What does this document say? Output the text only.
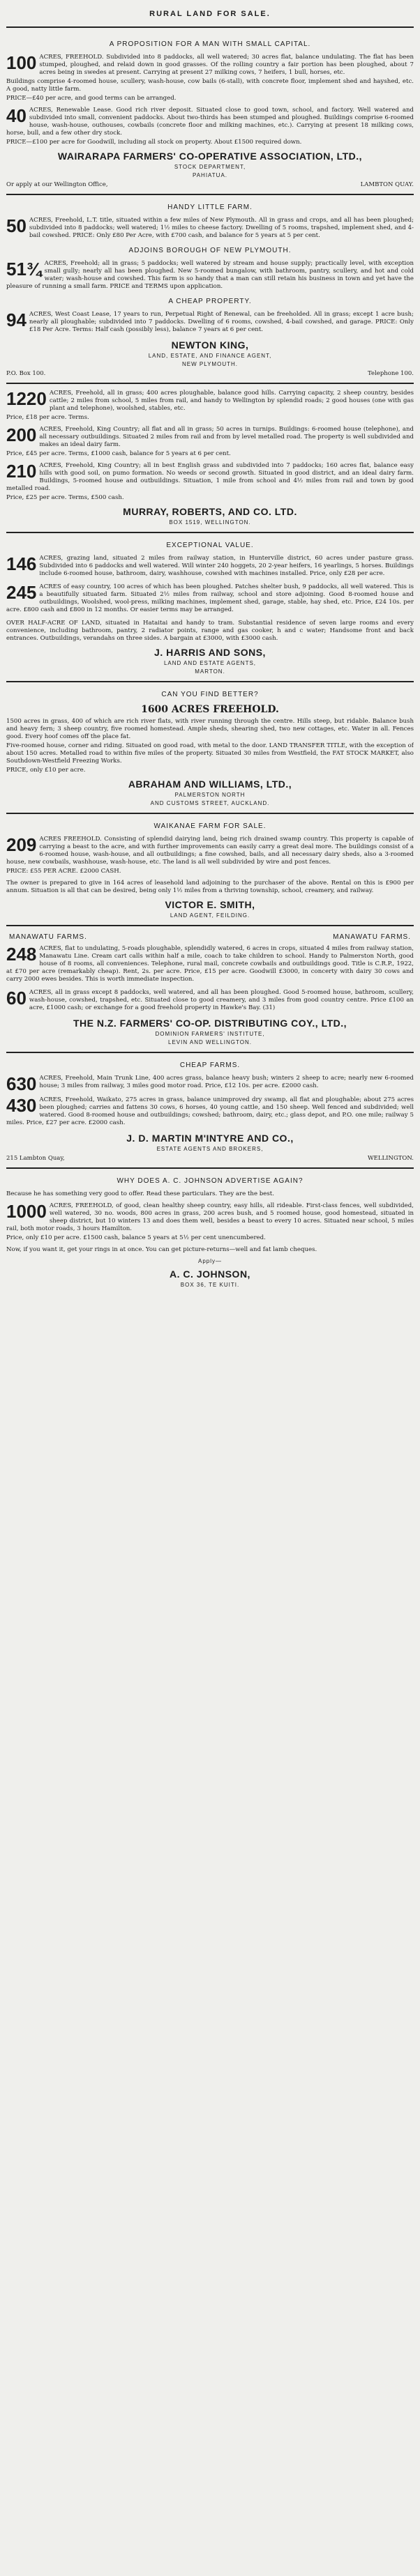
RURAL LAND FOR SALE.
A PROPOSITION FOR A MAN WITH SMALL CAPITAL.
100 ACRES, FREEHOLD. Subdivided into 8 paddocks, all well watered; 30 acres flat, balance undulating. The flat has been stumped, ploughed, and relaid down in good grasses. Of the rolling country a fair portion has been ploughed, about 7 acres being in swedes at present. Carrying at present 27 milking cows, 7 heifers, 1 bull, horses, etc.

Buildings comprise 4-roomed house, scullery, wash-house, cow bails (6-stall), with concrete floor, implement shed and hayshed, etc. A good, natty little farm.

PRICE—£40 per acre, and good terms can be arranged.

40 ACRES, Renewable Lease. Good rich river deposit. Situated close to good town, school, and factory. Well watered and subdivided into small, convenient paddocks. About two-thirds has been stumped and ploughed. Buildings comprise 6-roomed house, wash-house, outhouses, cowbails (concrete floor and milking machines, etc.). Carrying at present 18 milking cows, horse, bull, and a few other dry stock.

PRICE—£100 per acre for Goodwill, including all stock on property. About £1500 required down.

WAIRARAPA FARMERS' CO-OPERATIVE ASSOCIATION, LTD.,
STOCK DEPARTMENT,
PAHIATUA.
Or apply at our Wellington Office,	LAMBTON QUAY.
HANDY LITTLE FARM.
50 ACRES, Freehold, L.T. title, situated within a few miles of New Plymouth. All in grass and crops, and all has been ploughed; subdivided into 8 paddocks; well watered; 1½ miles to cheese factory. Dwelling of 5 rooms, trapshed, implement shed, and 4-bail cowshed. PRICE: Only £80 Per Acre, with £700 cash, and balance for 5 years at 5 per cent.

ADJOINS BOROUGH OF NEW PLYMOUTH.
51¾ ACRES, Freehold; all in grass; 5 paddocks; well watered by stream and house supply; practically level, with exception small gully; nearly all has been ploughed. New 5-roomed bungalow, with bathroom, pantry, scullery, and hot and cold water; wash-house and cowshed. This farm is so handy that a man can still retain his business in town and yet have the pleasure of running a small farm. PRICE and TERMS upon application.

A CHEAP PROPERTY.
94 ACRES, West Coast Lease, 17 years to run, Perpetual Right of Renewal, can be freeholded. All in grass; except 1 acre bush; nearly all ploughable; subdivided into 7 paddocks. Dwelling of 6 rooms, cowshed, 4-bail cowshed, and garage. PRICE: Only £18 Per Acre. Terms: Half cash (possibly less), balance 7 years at 6 per cent.

NEWTON KING,
LAND, ESTATE, AND FINANCE AGENT,
NEW PLYMOUTH.
P.O. Box 100.	Telephone 100.
1220 ACRES, Freehold, all in grass; 400 acres ploughable, balance good hills. Carrying capacity, 2 sheep country, besides cattle; 2 miles from school, 5 miles from rail, and handy to Wellington by splendid roads; 2 good houses (one with gas plant and telephone), woolshed, stables, etc.

Price, £18 per acre. Terms.

200 ACRES, Freehold, King Country; all flat and all in grass; 50 acres in turnips. Buildings: 6-roomed house (telephone), and all necessary outbuildings. Situated 2 miles from rail and from by level metalled road. The property is well subdivided and makes an ideal dairy farm.

Price, £45 per acre. Terms, £1000 cash, balance for 5 years at 6 per cent.

210 ACRES, Freehold, King Country; all in best English grass and subdivided into 7 paddocks; 160 acres flat, balance easy hills with good soil, on pumo formation. No weeds or second growth. Situated in good district, and an ideal dairy farm. Buildings, 5-roomed house and outbuildings. Situation, 1 mile from school and 4½ miles from rail and town by good metalled road.

Price, £25 per acre. Terms, £500 cash.

MURRAY, ROBERTS, AND CO. LTD.
BOX 1519, WELLINGTON.
EXCEPTIONAL VALUE.
146 ACRES, grazing land, situated 2 miles from railway station, in Hunterville district, 60 acres under pasture grass. Subdivided into 6 paddocks and well watered. Will winter 240 hoggets, 20 2-year heifers, 16 yearlings, 5 horses. Buildings include 6-roomed house, bathroom, dairy, washhouse, cowshed with machines installed. Price, only £28 per acre.

245 ACRES of easy country, 100 acres of which has been ploughed. Patches shelter bush, 9 paddocks, all well watered. This is a beautifully situated farm. Situated 2½ miles from railway, school and store adjoining. Good 8-roomed house and outbuildings, Woolshed, wool-press, milking machines, implement shed, garage, stable, hay shed, etc. Price, £24 10s. per acre. £800 cash and £800 in 12 months. Or easier terms may be arranged.

OVER HALF-ACRE OF LAND, situated in Hataitai and handy to tram. Substantial residence of seven large rooms and every convenience, including bathroom, pantry, 2 radiator points, range and gas cooker, h and c water; Handsome front and back entrances. Outbuildings, verandahs on three sides. A bargain at £3000, with £3000 cash.

J. HARRIS AND SONS,
LAND AND ESTATE AGENTS,
MARTON.
CAN YOU FIND BETTER?
1600 ACRES FREEHOLD.

1500 acres in grass, 400 of which are rich river flats, with river running through the centre. Hills steep, but ridable. Balance bush and heavy fern; 3 sheep country, five roomed homestead. Ample sheds, shearing shed, two new cottages, etc. Water in all. Fences good. Every hoof comes off the place fat.

Five-roomed house, corner and riding. Situated on good road, with metal to the door. LAND TRANSFER TITLE, with the exception of about 150 acres. Metalled road to within five miles of the property. Situated 30 miles from Westfield, the FAT STOCK MARKET, also Southdown-Westfield Freezing Works.

PRICE, only £10 per acre.

ABRAHAM AND WILLIAMS, LTD.,
PALMERSTON NORTH
AND CUSTOMS STREET, AUCKLAND.
WAIKANAE FARM FOR SALE.
209 ACRES FREEHOLD. Consisting of splendid dairying land, being rich drained swamp country. This property is capable of carrying a beast to the acre, and with further improvements can easily carry a great deal more. The buildings consist of a 6-roomed house, wash-house, and all outbuildings; a fine cowshed, bails, and all necessary dairy sheds, also a 3-roomed house, new cowbails, washhouse, wash-house, etc. The land is all well subdivided by wire and post fences.

PRICE: £55 PER ACRE. £2000 CASH.

The owner is prepared to give in 164 acres of leasehold land adjoining to the purchaser of the above. Rental on this is £900 per annum. Situation is all that can be desired, being only 1½ miles from a thriving township, school, creamery, and railway.

VICTOR E. SMITH,
LAND AGENT, FEILDING.
MANAWATU FARMS.	MANAWATU FARMS.
248 ACRES, flat to undulating, 5-roads ploughable, splendidly watered, 6 acres in crops, situated 4 miles from railway station, Manawatu Line. Cream cart calls within half a mile, coach to take children to school. Handy to Palmerston North, good house of 8 rooms, all conveniences. Telephone, rural mail, concrete cowbails and outbuildings good. Title is C.R.P., 1922, at £70 per acre (remarkably cheap). Rent, 2s. per acre. Price, £15 per acre. Goodwill £3000, in concerty with dairy 30 cows and carry 2000 ewes besides. This is worth immediate inspection.

60 ACRES, all in grass except 8 paddocks, well watered, and all has been ploughed. Good 5-roomed house, bathroom, scullery, wash-house, cowshed, trapshed, etc. Situated close to good creamery, and 3 miles from good country centre. Price £100 an acre, £1000 cash; or exchange for a good freehold property in Hawke's Bay. (31)

THE N.Z. FARMERS' CO-OP. DISTRIBUTING COY., LTD.,
DOMINION FARMERS' INSTITUTE,
LEVIN AND WELLINGTON.
CHEAP FARMS.
630 ACRES, Freehold, Main Trunk Line, 400 acres grass, balance heavy bush; winters 2 sheep to acre; nearly new 6-roomed house; 3 miles from railway, 3 miles good motor road. Price, £12 10s. per acre. £2000 cash.

430 ACRES, Freehold, Waikato, 275 acres in grass, balance unimproved dry swamp, all flat and ploughable; about 275 acres been ploughed; carries and fattens 30 cows, 6 horses, 40 young cattle, and 150 sheep. Well fenced and subdivided; well watered. Good 8-roomed house and outbuildings; cowshed; bathroom, dairy, etc.; glass depot, and P.O. one mile; railway 5 miles. Price, £27 per acre. £2000 cash.

J. D. MARTIN M'INTYRE AND CO.,
ESTATE AGENTS AND BROKERS,
215 Lambton Quay,	WELLINGTON.
WHY DOES A. C. JOHNSON ADVERTISE AGAIN?

Because he has something very good to offer. Read these particulars. They are the best.

1000 ACRES, FREEHOLD, of good, clean healthy sheep country, easy hills, all rideable. First-class fences, well subdivided, well watered, 30 no. woods, 800 acres in grass, 200 acres bush, and 5 roomed house, good homestead, situated in sheep district, but 10 winters 13 and does them well, besides a beast to every 10 acres. Situated near school, 5 miles rail, both motor roads, 3 hours Hamilton.

Price, only £10 per acre. £1500 cash, balance 5 years at 5½ per cent unencumbered.

Now, if you want it, get your rings in at once. You can get picture-returns—well and fat lamb cheques.

Apply—
A. C. JOHNSON,
BOX 36, TE KUITI.
